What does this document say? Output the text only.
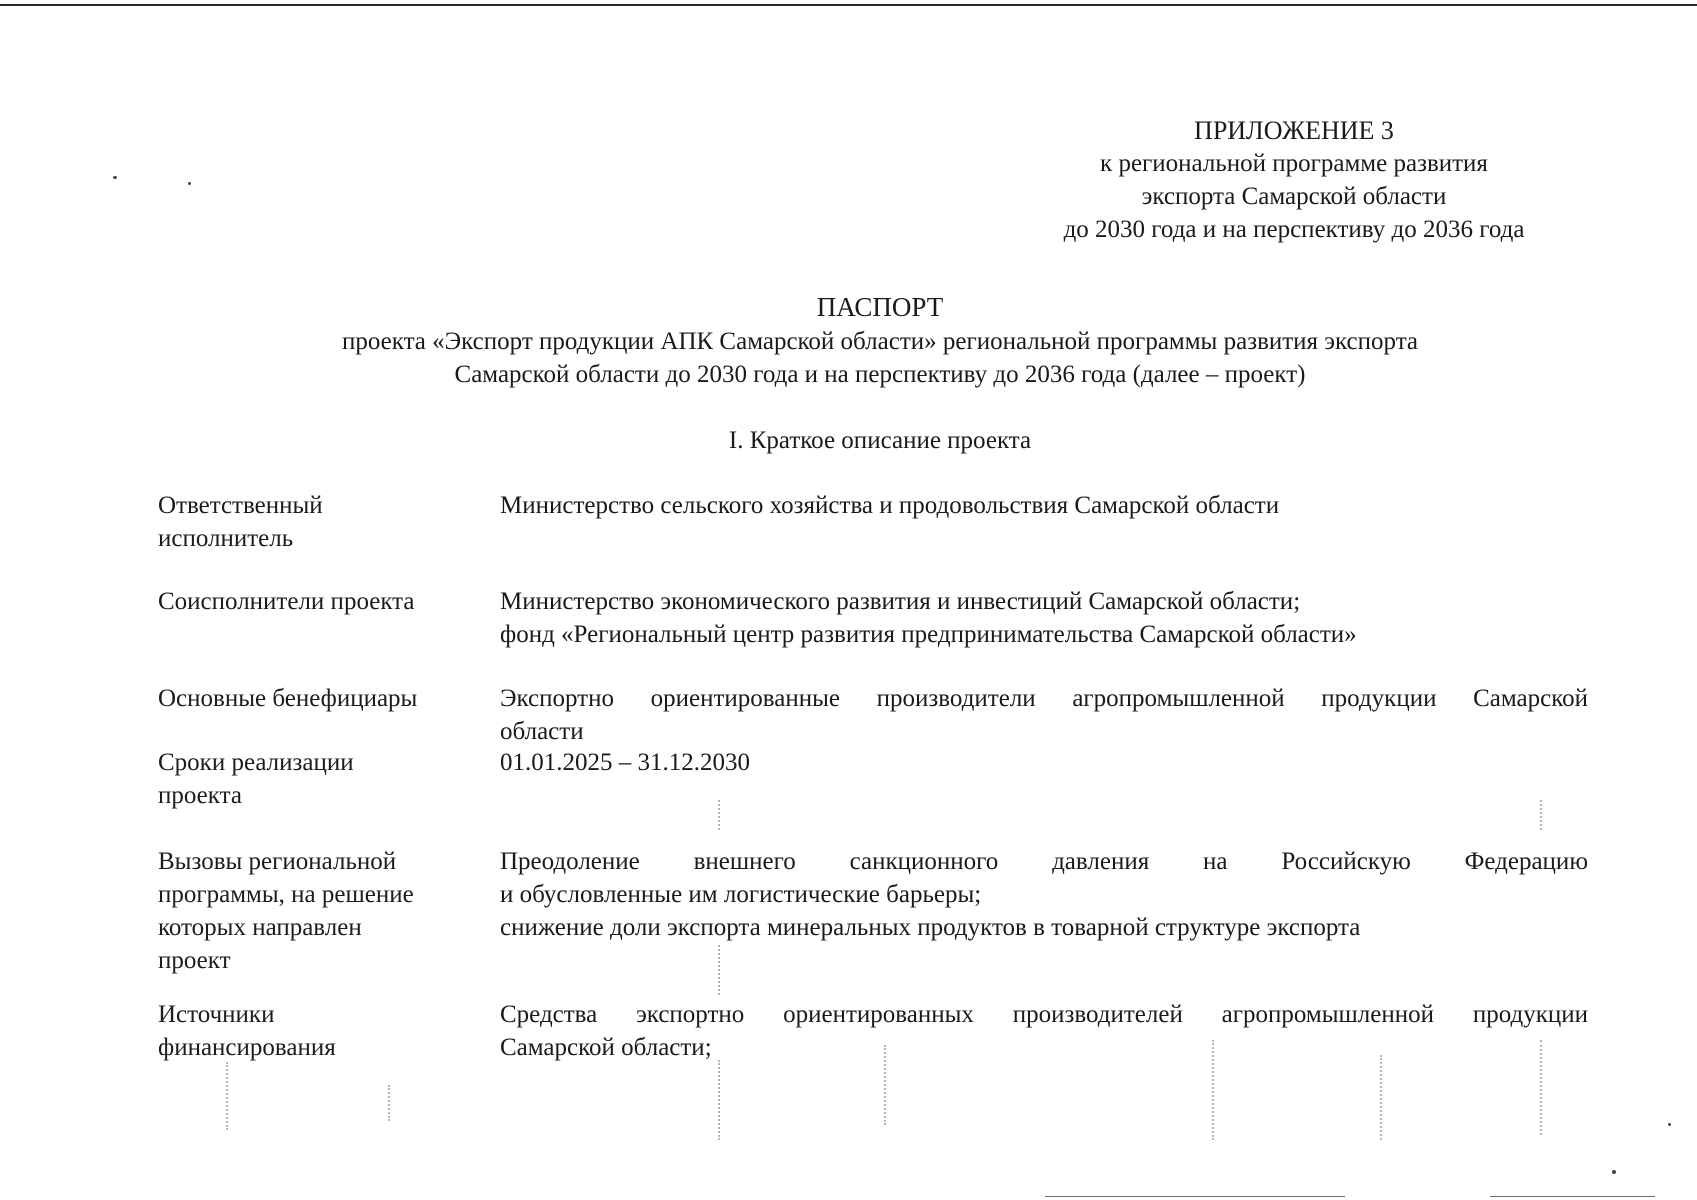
ПРИЛОЖЕНИЕ 3
к региональной программе развития
экспорта Самарской области
до 2030 года и на перспективу до 2036 года
ПАСПОРТ
проекта «Экспорт продукции АПК Самарской области» региональной программы развития экспорта
Самарской области до 2030 года и на перспективу до 2036 года (далее – проект)
I. Краткое описание проекта
Ответственный
исполнитель
Министерство сельского хозяйства и продовольствия Самарской области
Соисполнители проекта	Министерство экономического развития и инвестиций Самарской области;
фонд «Региональный центр развития предпринимательства Самарской области»
Основные бенефициары	Экспортно ориентированные производители агропромышленной продукции Самарской
области
Сроки реализации
проекта
01.01.2025 – 31.12.2030
Вызовы региональной
программы, на решение
которых направлен
проект
Преодоление внешнего санкционного давления на Российскую Федерацию
и обусловленные им логистические барьеры;
снижение доли экспорта минеральных продуктов в товарной структуре экспорта
Источники
финансирования
Средства экспортно ориентированных производителей агропромышленной продукции
Самарской области;
